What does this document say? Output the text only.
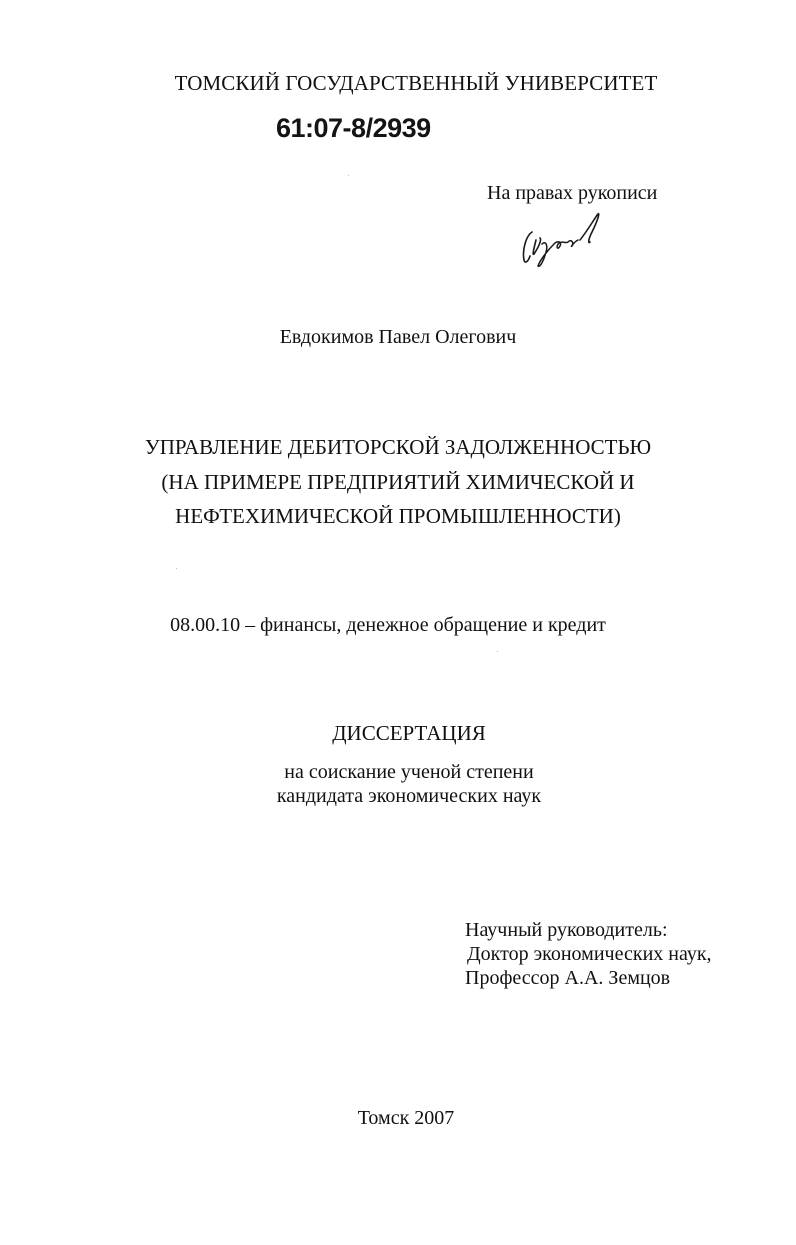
ТОМСКИЙ ГОСУДАРСТВЕННЫЙ УНИВЕРСИТЕТ
61:07-8/2939
На правах рукописи
Евдокимов Павел Олегович
УПРАВЛЕНИЕ ДЕБИТОРСКОЙ ЗАДОЛЖЕННОСТЬЮ
(НА ПРИМЕРЕ ПРЕДПРИЯТИЙ ХИМИЧЕСКОЙ И
НЕФТЕХИМИЧЕСКОЙ ПРОМЫШЛЕННОСТИ)
08.00.10 – финансы, денежное обращение и кредит
ДИССЕРТАЦИЯ
на соискание ученой степени
кандидата экономических наук
Научный руководитель:
Доктор экономических наук,
Профессор А.А. Земцов
Томск 2007
